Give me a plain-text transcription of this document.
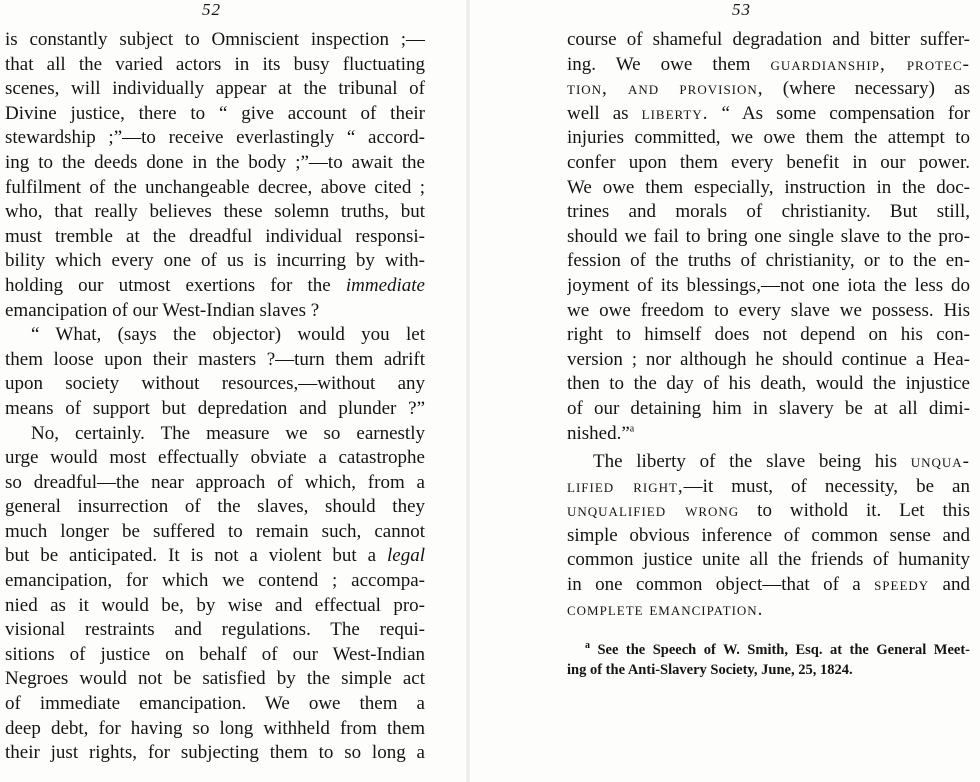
52
is constantly subject to Omniscient inspection ;—
that all the varied actors in its busy fluctuating
scenes, will individually appear at the tribunal of
Divine justice, there to “ give account of their
stewardship ;”—to receive everlastingly “ accord-
ing to the deeds done in the body ;”—to await the
fulfilment of the unchangeable decree, above cited ;
who, that really believes these solemn truths, but
must tremble at the dreadful individual responsi-
bility which every one of us is incurring by with-
holding our utmost exertions for the immediate
emancipation of our West-Indian slaves ?
“ What, (says the objector) would you let
them loose upon their masters ?—turn them adrift
upon society without resources,—without any
means of support but depredation and plunder ?”
No, certainly. The measure we so earnestly
urge would most effectually obviate a catastrophe
so dreadful—the near approach of which, from a
general insurrection of the slaves, should they
much longer be suffered to remain such, cannot
but be anticipated. It is not a violent but a legal
emancipation, for which we contend ; accompa-
nied as it would be, by wise and effectual pro-
visional restraints and regulations. The requi-
sitions of justice on behalf of our West-Indian
Negroes would not be satisfied by the simple act
of immediate emancipation. We owe them a
deep debt, for having so long withheld from them
their just rights, for subjecting them to so long a
53
course of shameful degradation and bitter suffer-
ing. We owe them guardianship, protec-
tion, and provision, (where necessary) as
well as liberty. “ As some compensation for
injuries committed, we owe them the attempt to
confer upon them every benefit in our power.
We owe them especially, instruction in the doc-
trines and morals of christianity. But still,
should we fail to bring one single slave to the pro-
fession of the truths of christianity, or to the en-
joyment of its blessings,—not one iota the less do
we owe freedom to every slave we possess. His
right to himself does not depend on his con-
version ; nor although he should continue a Hea-
then to the day of his death, would the injustice
of our detaining him in slavery be at all dimi-
nished.”$^a$
The liberty of the slave being his unqua-
lified right,—it must, of necessity, be an
unqualified wrong to withold it. Let this
simple obvious inference of common sense and
common justice unite all the friends of humanity
in one common object—that of a speedy and
complete emancipation.
$^a$ See the Speech of W. Smith, Esq. at the General Meet-
ing of the Anti-Slavery Society, June, 25, 1824.
